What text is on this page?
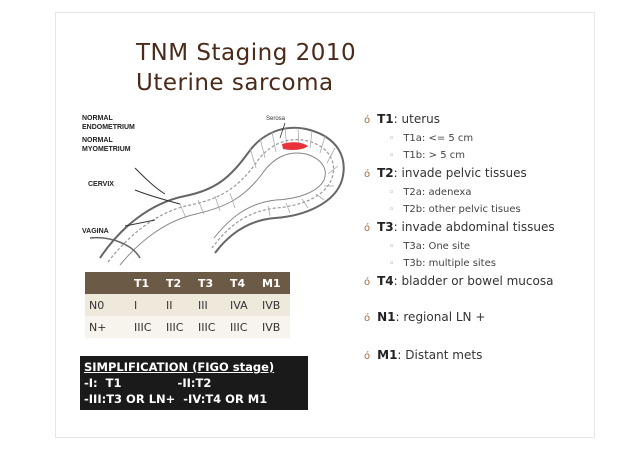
TNM Staging 2010
Uterine sarcoma
NORMAL
ENDOMETRIUM
NORMAL
MYOMETRIUM
CERVIX
VAGINA
Serosa
	T1	T2	T3	T4	M1
N0	I	II	III	IVA	IVB
N+	IIIC	IIIC	IIIC	IIIC	IVB
SIMPLIFICATION (FIGO stage)
-I:  T1              -II:T2
-III:T3 OR LN+  -IV:T4 OR M1
ó T1: uterus
◦ T1a: <= 5 cm
◦ T1b: > 5 cm
ó T2: invade pelvic tissues
◦ T2a: adenexa
◦ T2b: other pelvic tisues
ó T3: invade abdominal tissues
◦ T3a: One site
◦ T3b: multiple sites
ó T4: bladder or bowel mucosa
ó N1: regional LN +
ó M1: Distant mets
